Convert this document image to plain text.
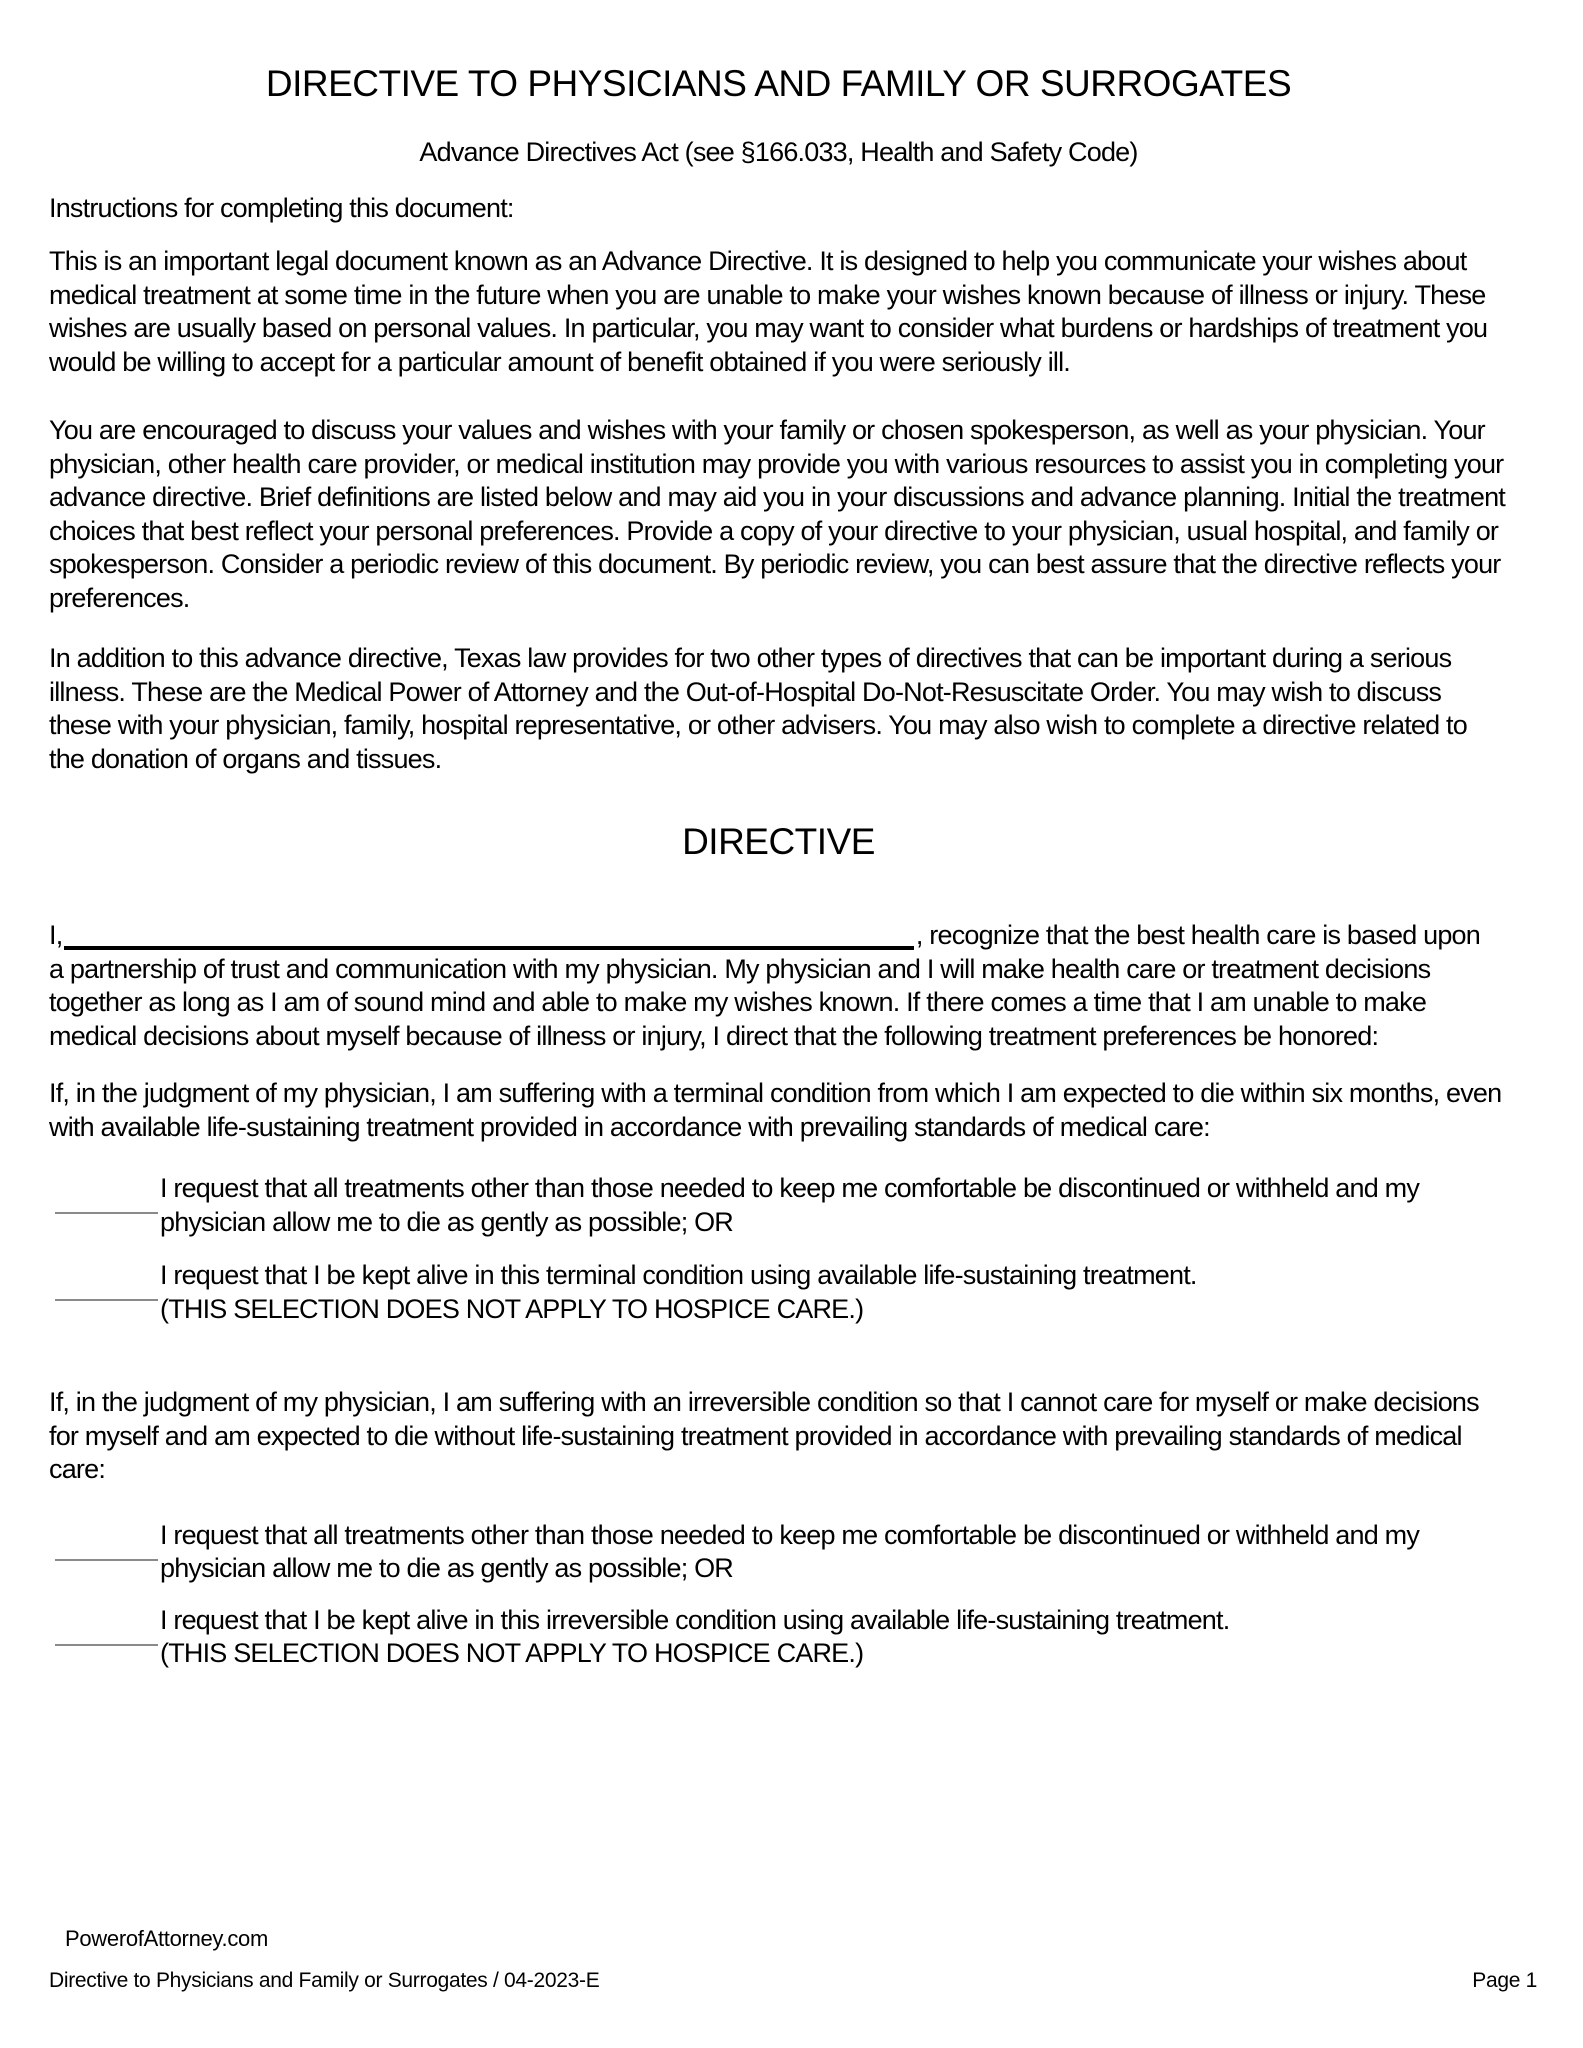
DIRECTIVE TO PHYSICIANS AND FAMILY OR SURROGATES
Advance Directives Act (see §166.033, Health and Safety Code)
Instructions for completing this document:

This is an important legal document known as an Advance Directive. It is designed to help you communicate your wishes about medical treatment at some time in the future when you are unable to make your wishes known because of illness or injury. These wishes are usually based on personal values. In particular, you may want to consider what burdens or hardships of treatment you would be willing to accept for a particular amount of benefit obtained if you were seriously ill.

You are encouraged to discuss your values and wishes with your family or chosen spokesperson, as well as your physician. Your physician, other health care provider, or medical institution may provide you with various resources to assist you in completing your advance directive. Brief definitions are listed below and may aid you in your discussions and advance planning. Initial the treatment choices that best reflect your personal preferences. Provide a copy of your directive to your physician, usual hospital, and family or spokesperson. Consider a periodic review of this document. By periodic review, you can best assure that the directive reflects your preferences.

In addition to this advance directive, Texas law provides for two other types of directives that can be important during a serious illness. These are the Medical Power of Attorney and the Out-of-Hospital Do-Not-Resuscitate Order. You may wish to discuss these with your physician, family, hospital representative, or other advisers. You may also wish to complete a directive related to the donation of organs and tissues.

DIRECTIVE
I,	, recognize that the best health care is based upon
a partnership of trust and communication with my physician. My physician and I will make health care or treatment decisions together as long as I am of sound mind and able to make my wishes known. If there comes a time that I am unable to make medical decisions about myself because of illness or injury, I direct that the following treatment preferences be honored:

If, in the judgment of my physician, I am suffering with a terminal condition from which I am expected to die within six months, even with available life-sustaining treatment provided in accordance with prevailing standards of medical care:

I request that all treatments other than those needed to keep me comfortable be discontinued or withheld and my physician allow me to die as gently as possible; OR
I request that I be kept alive in this terminal condition using available life-sustaining treatment.
(THIS SELECTION DOES NOT APPLY TO HOSPICE CARE.)

If, in the judgment of my physician, I am suffering with an irreversible condition so that I cannot care for myself or make decisions for myself and am expected to die without life-sustaining treatment provided in accordance with prevailing standards of medical care:

I request that all treatments other than those needed to keep me comfortable be discontinued or withheld and my physician allow me to die as gently as possible; OR
I request that I be kept alive in this irreversible condition using available life-sustaining treatment.
(THIS SELECTION DOES NOT APPLY TO HOSPICE CARE.)
PowerofAttorney.com
Directive to Physicians and Family or Surrogates / 04-2023-E	Page 1
